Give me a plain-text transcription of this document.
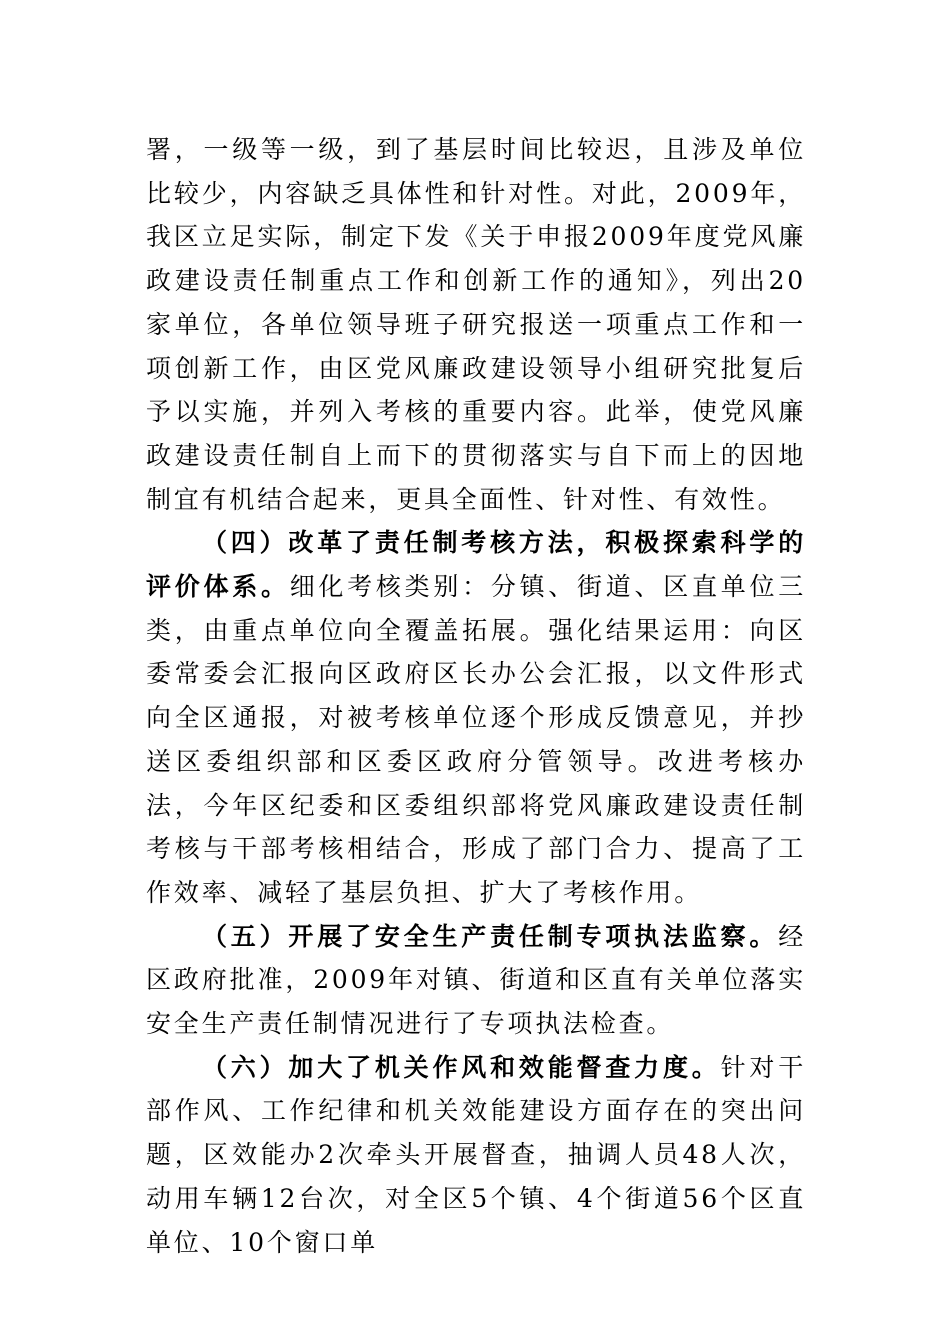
署，一级等一级，到了基层时间比较迟，且涉及单位比较少，内容缺乏具体性和针对性。对此，2009年，我区立足实际，制定下发《关于申报2009年度党风廉政建设责任制重点工作和创新工作的通知》，列出20家单位，各单位领导班子研究报送一项重点工作和一项创新工作，由区党风廉政建设领导小组研究批复后予以实施，并列入考核的重要内容。此举，使党风廉政建设责任制自上而下的贯彻落实与自下而上的因地制宜有机结合起来，更具全面性、针对性、有效性。

（四）改革了责任制考核方法，积极探索科学的评价体系。细化考核类别：分镇、街道、区直单位三类，由重点单位向全覆盖拓展。强化结果运用：向区委常委会汇报向区政府区长办公会汇报，以文件形式向全区通报，对被考核单位逐个形成反馈意见，并抄送区委组织部和区委区政府分管领导。改进考核办法，今年区纪委和区委组织部将党风廉政建设责任制考核与干部考核相结合，形成了部门合力、提高了工作效率、减轻了基层负担、扩大了考核作用。

（五）开展了安全生产责任制专项执法监察。经区政府批准，2009年对镇、街道和区直有关单位落实安全生产责任制情况进行了专项执法检查。

（六）加大了机关作风和效能督查力度。针对干部作风、工作纪律和机关效能建设方面存在的突出问题，区效能办2次牵头开展督查，抽调人员48人次，动用车辆12台次，对全区5个镇、4个街道56个区直单位、10个窗口单
